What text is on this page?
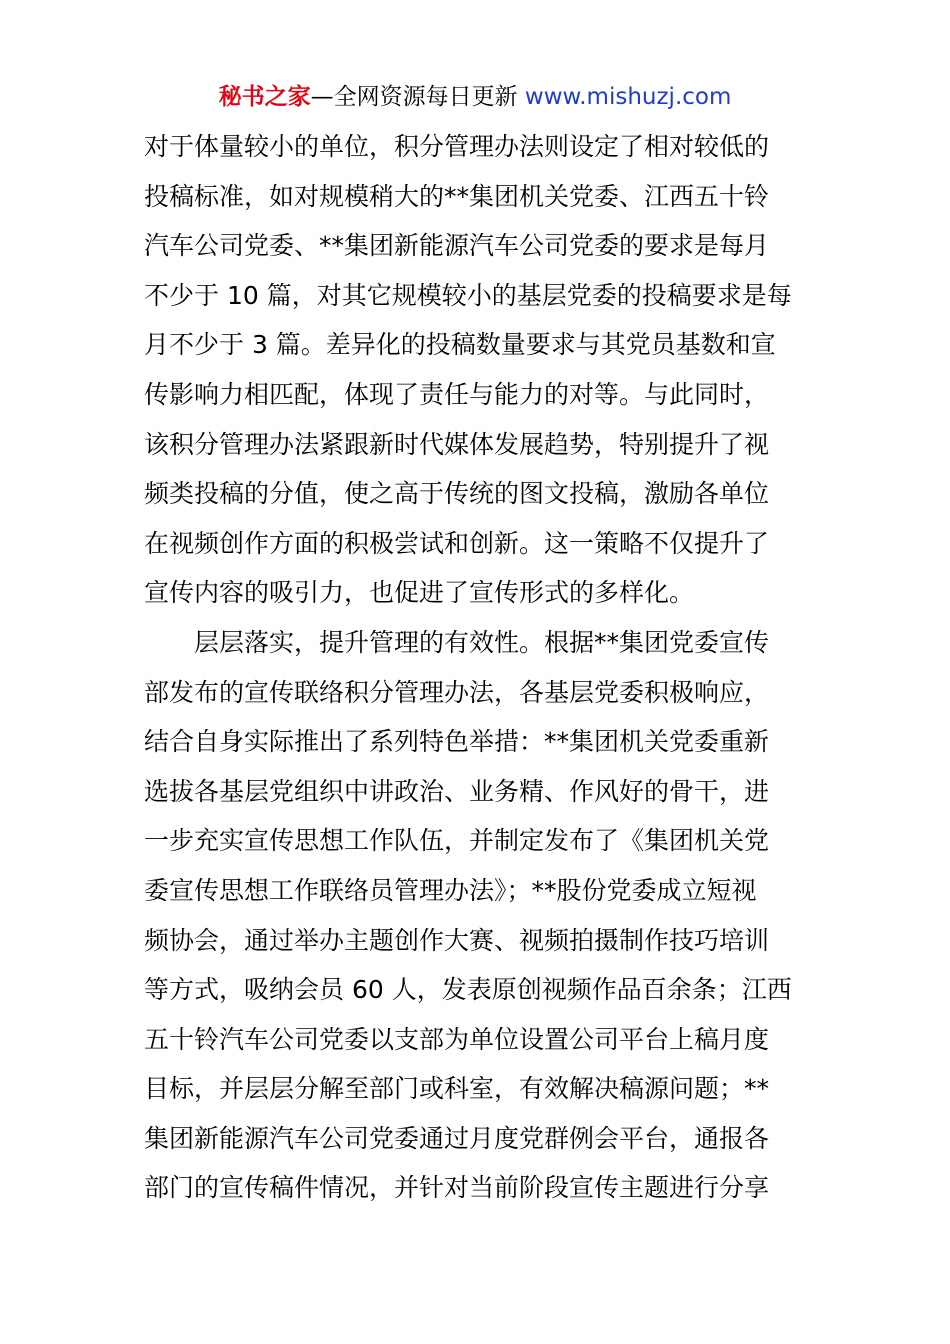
秘书之家—全网资源每日更新 www.mishuzj.com
对于体量较小的单位，积分管理办法则设定了相对较低的
投稿标准，如对规模稍大的**集团机关党委、江西五十铃
汽车公司党委、**集团新能源汽车公司党委的要求是每月
不少于 10 篇，对其它规模较小的基层党委的投稿要求是每
月不少于 3 篇。差异化的投稿数量要求与其党员基数和宣
传影响力相匹配，体现了责任与能力的对等。与此同时，
该积分管理办法紧跟新时代媒体发展趋势，特别提升了视
频类投稿的分值，使之高于传统的图文投稿，激励各单位
在视频创作方面的积极尝试和创新。这一策略不仅提升了
宣传内容的吸引力，也促进了宣传形式的多样化。
层层落实，提升管理的有效性。根据**集团党委宣传
部发布的宣传联络积分管理办法，各基层党委积极响应，
结合自身实际推出了系列特色举措：**集团机关党委重新
选拔各基层党组织中讲政治、业务精、作风好的骨干，进
一步充实宣传思想工作队伍，并制定发布了《集团机关党
委宣传思想工作联络员管理办法》；**股份党委成立短视
频协会，通过举办主题创作大赛、视频拍摄制作技巧培训
等方式，吸纳会员 60 人，发表原创视频作品百余条；江西
五十铃汽车公司党委以支部为单位设置公司平台上稿月度
目标，并层层分解至部门或科室，有效解决稿源问题；**
集团新能源汽车公司党委通过月度党群例会平台，通报各
部门的宣传稿件情况，并针对当前阶段宣传主题进行分享
